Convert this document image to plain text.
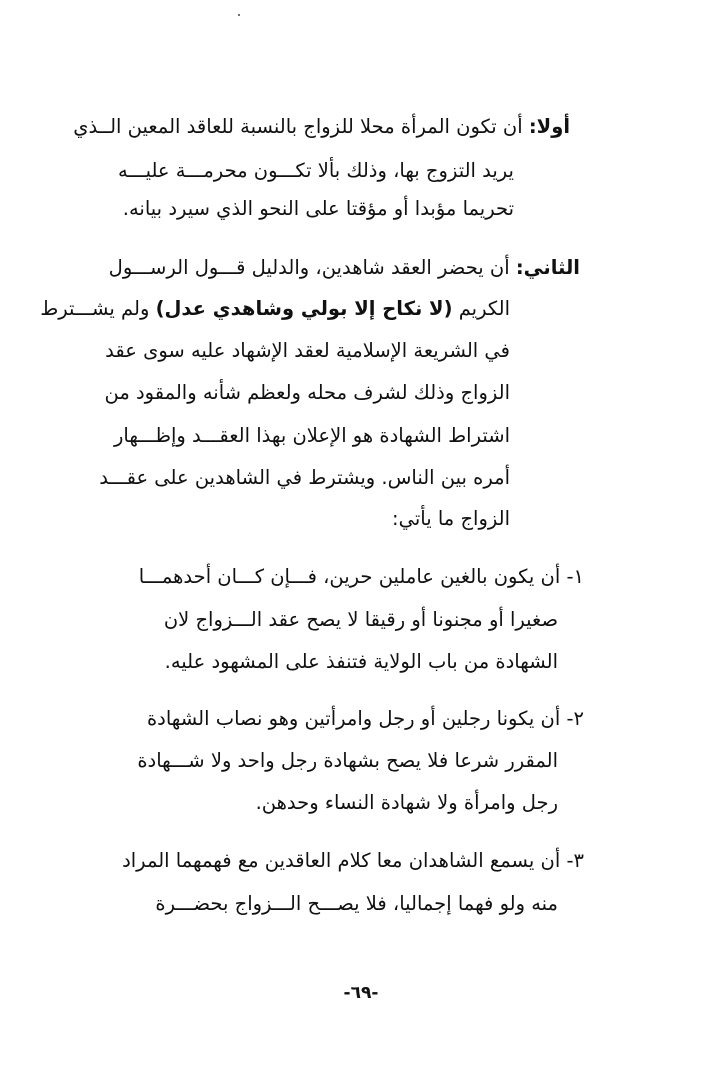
أولا: أن تكون المرأة محلا للزواج بالنسبة للعاقد المعين الــذي
يريد التزوج بها، وذلك بألا تكـــون محرمـــة عليـــه
تحريما مؤبدا أو مؤقتا على النحو الذي سيرد بيانه.
الثاني: أن يحضر العقد شاهدين، والدليل قـــول الرســـول
الكريم (لا نكاح إلا بولي وشاهدي عدل) ولم يشـــترط
في الشريعة الإسلامية لعقد الإشهاد عليه سوى عقد
الزواج وذلك لشرف محله ولعظم شأنه والمقود من
اشتراط الشهادة هو الإعلان بهذا العقـــد وإظـــهار
أمره بين الناس. ويشترط في الشاهدين على عقـــد
الزواج ما يأتي:
١- أن يكون بالغين عاملين حرين، فـــإن كـــان أحدهمـــا
صغيرا أو مجنونا أو رقيقا لا يصح عقد الـــزواج لان
الشهادة من باب الولاية فتنفذ على المشهود عليه.
٢- أن يكونا رجلين أو رجل وامرأتين وهو نصاب الشهادة
المقرر شرعا فلا يصح بشهادة رجل واحد ولا شـــهادة
رجل وامرأة ولا شهادة النساء وحدهن.
٣- أن يسمع الشاهدان معا كلام العاقدين مع فهمهما المراد
منه ولو فهما إجماليا، فلا يصـــح الـــزواج بحضـــرة
-٦٩-
